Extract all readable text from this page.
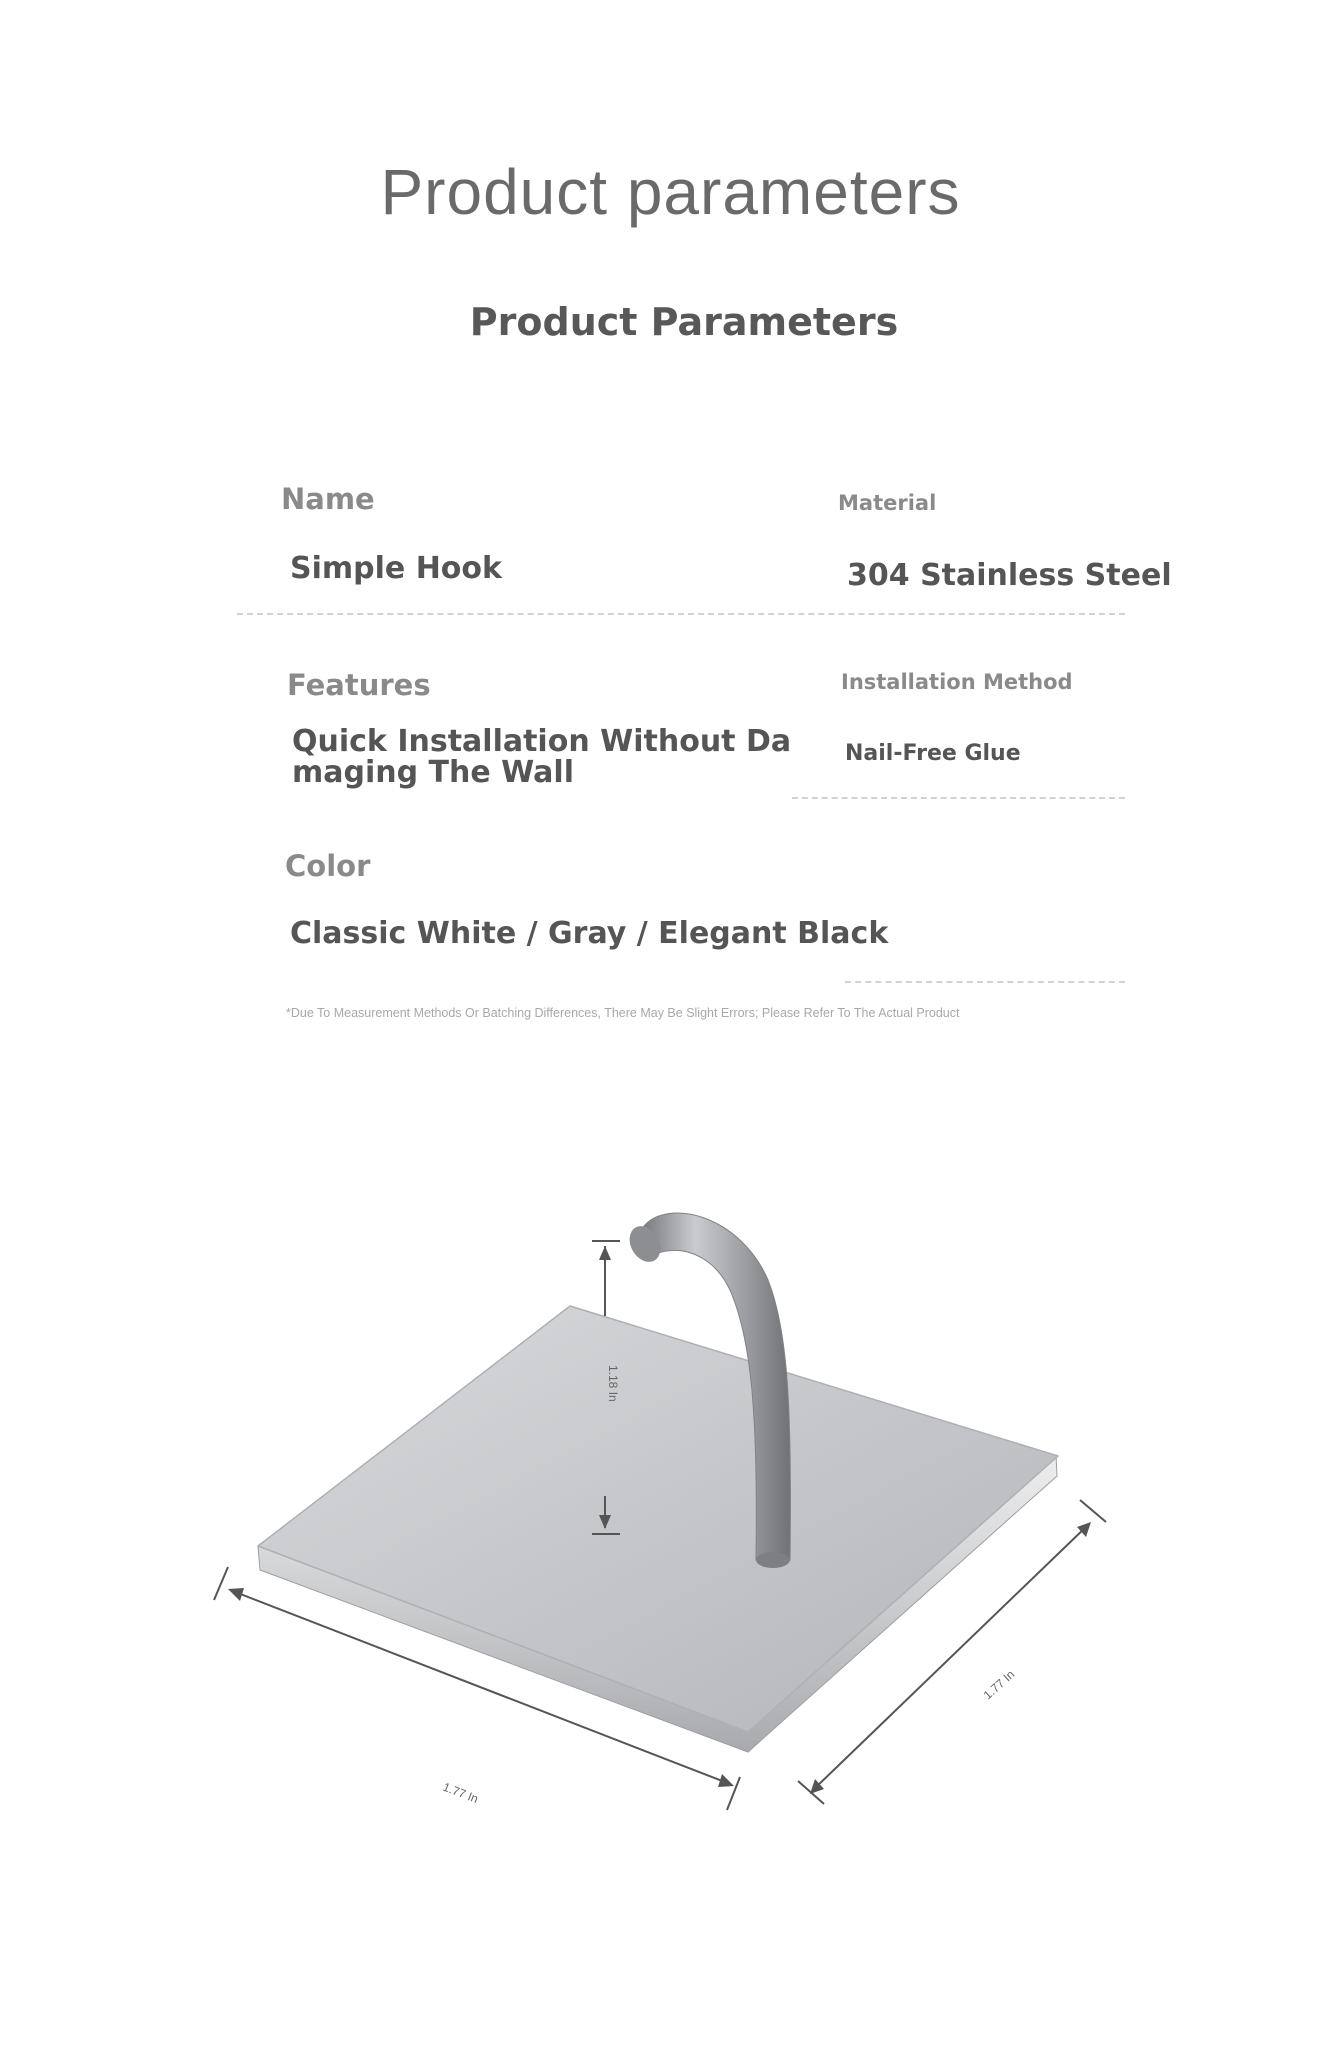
Product parameters
Product Parameters
Name
Simple Hook
Material
304 Stainless Steel
Features
Quick Installation Without Da
maging The Wall
Installation Method
Nail-Free Glue
Color
Classic White / Gray / Elegant Black
*Due To Measurement Methods Or Batching Differences, There May Be Slight Errors; Please Refer To The Actual Product
1.18 In
1.77 In
1.77 In
